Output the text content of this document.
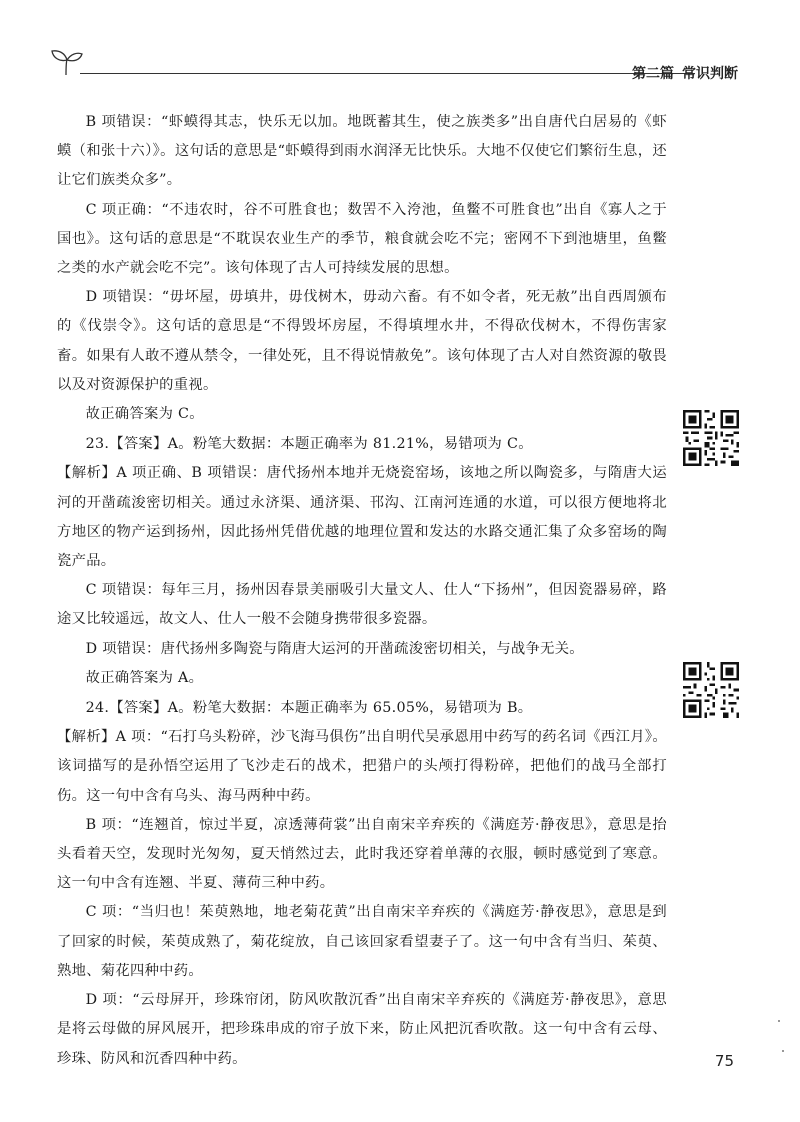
第二篇 常识判断

B 项错误：“虾蟆得其志，快乐无以加。地既蓄其生，使之族类多”出自唐代白居易的《虾蟆（和张十六）》。这句话的意思是“虾蟆得到雨水润泽无比快乐。大地不仅使它们繁衍生息，还让它们族类众多”。

C 项正确：“不违农时，谷不可胜食也；数罟不入洿池，鱼鳖不可胜食也”出自《寡人之于国也》。这句话的意思是“不耽误农业生产的季节，粮食就会吃不完；密网不下到池塘里，鱼鳖之类的水产就会吃不完”。该句体现了古人可持续发展的思想。

D 项错误：“毋坏屋，毋填井，毋伐树木，毋动六畜。有不如令者，死无赦”出自西周颁布的《伐崇令》。这句话的意思是“不得毁坏房屋，不得填埋水井，不得砍伐树木，不得伤害家畜。如果有人敢不遵从禁令，一律处死，且不得说情赦免”。该句体现了古人对自然资源的敬畏以及对资源保护的重视。

故正确答案为 C。

23.【答案】A。粉笔大数据：本题正确率为 81.21%，易错项为 C。

【解析】A 项正确、B 项错误：唐代扬州本地并无烧瓷窑场，该地之所以陶瓷多，与隋唐大运河的开凿疏浚密切相关。通过永济渠、通济渠、邗沟、江南河连通的水道，可以很方便地将北方地区的物产运到扬州，因此扬州凭借优越的地理位置和发达的水路交通汇集了众多窑场的陶瓷产品。

C 项错误：每年三月，扬州因春景美丽吸引大量文人、仕人“下扬州”，但因瓷器易碎，路途又比较遥远，故文人、仕人一般不会随身携带很多瓷器。

D 项错误：唐代扬州多陶瓷与隋唐大运河的开凿疏浚密切相关，与战争无关。

故正确答案为 A。

24.【答案】A。粉笔大数据：本题正确率为 65.05%，易错项为 B。

【解析】A 项：“石打乌头粉碎，沙飞海马俱伤”出自明代吴承恩用中药写的药名词《西江月》。该词描写的是孙悟空运用了飞沙走石的战术，把猎户的头颅打得粉碎，把他们的战马全部打伤。这一句中含有乌头、海马两种中药。

B 项：“连翘首，惊过半夏，凉透薄荷裳”出自南宋辛弃疾的《满庭芳·静夜思》，意思是抬头看着天空，发现时光匆匆，夏天悄然过去，此时我还穿着单薄的衣服，顿时感觉到了寒意。这一句中含有连翘、半夏、薄荷三种中药。

C 项：“当归也！茱萸熟地，地老菊花黄”出自南宋辛弃疾的《满庭芳·静夜思》，意思是到了回家的时候，茱萸成熟了，菊花绽放，自己该回家看望妻子了。这一句中含有当归、茱萸、熟地、菊花四种中药。

D 项：“云母屏开，珍珠帘闭，防风吹散沉香”出自南宋辛弃疾的《满庭芳·静夜思》，意思是将云母做的屏风展开，把珍珠串成的帘子放下来，防止风把沉香吹散。这一句中含有云母、珍珠、防风和沉香四种中药。	75
